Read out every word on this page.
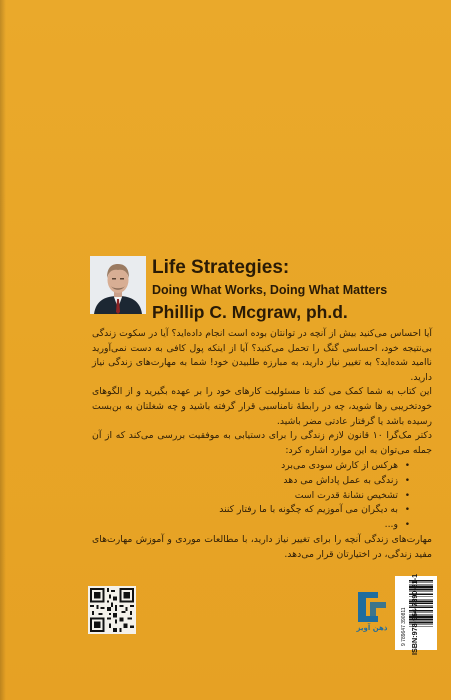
Life Strategies:
Doing What Works, Doing What Matters
Phillip C. Mcgraw, ph.d.

آیا احساس می‌کنید بیش از آنچه در توانتان بوده است انجام داده‌اید؟ آیا در سکوت زندگی بی‌نتیجه‌ خود، احساسی گنگ را تحمل می‌کنید؟ آیا از اینکه پول کافی به دست نمی‌آورید ناامید شده‌اید؟ به تغییر نیاز دارید، به مبارزه طلبیدن خود! شما به مهارت‌های زندگی نیاز دارید.

این کتاب به شما کمک می کند تا مسئولیت کارهای خود را بر عهده بگیرید و از الگوهای خودتخریبی رها شوید، چه در رابطهٔ نامناسبی قرار گرفته باشید و چه شغلتان به بن‌بست رسیده باشد یا گرفتار عادتی مضر باشید.

دکتر مک‌گرا ۱۰ قانون لازم زندگی را برای دستیابی به موفقیت بررسی می‌کند که از آن جمله می‌توان به این موارد اشاره کرد:

• هرکس از کارش سودی می‌برد
• زندگی به عمل پاداش می دهد
• تشخیص نشانهٔ قدرت است
• به دیگران می آموزیم که چگونه با ما رفتار کنند
• و...

مهارت‌های زندگی آنچه را برای تغییر نیاز دارید، با مطالعات موردی و آموزش مهارت‌های مفید زندگی، در اختیارتان قرار می‌دهد.

ذهن آویز	9 789647 390811 ISBN:978-964-7390-81-1
